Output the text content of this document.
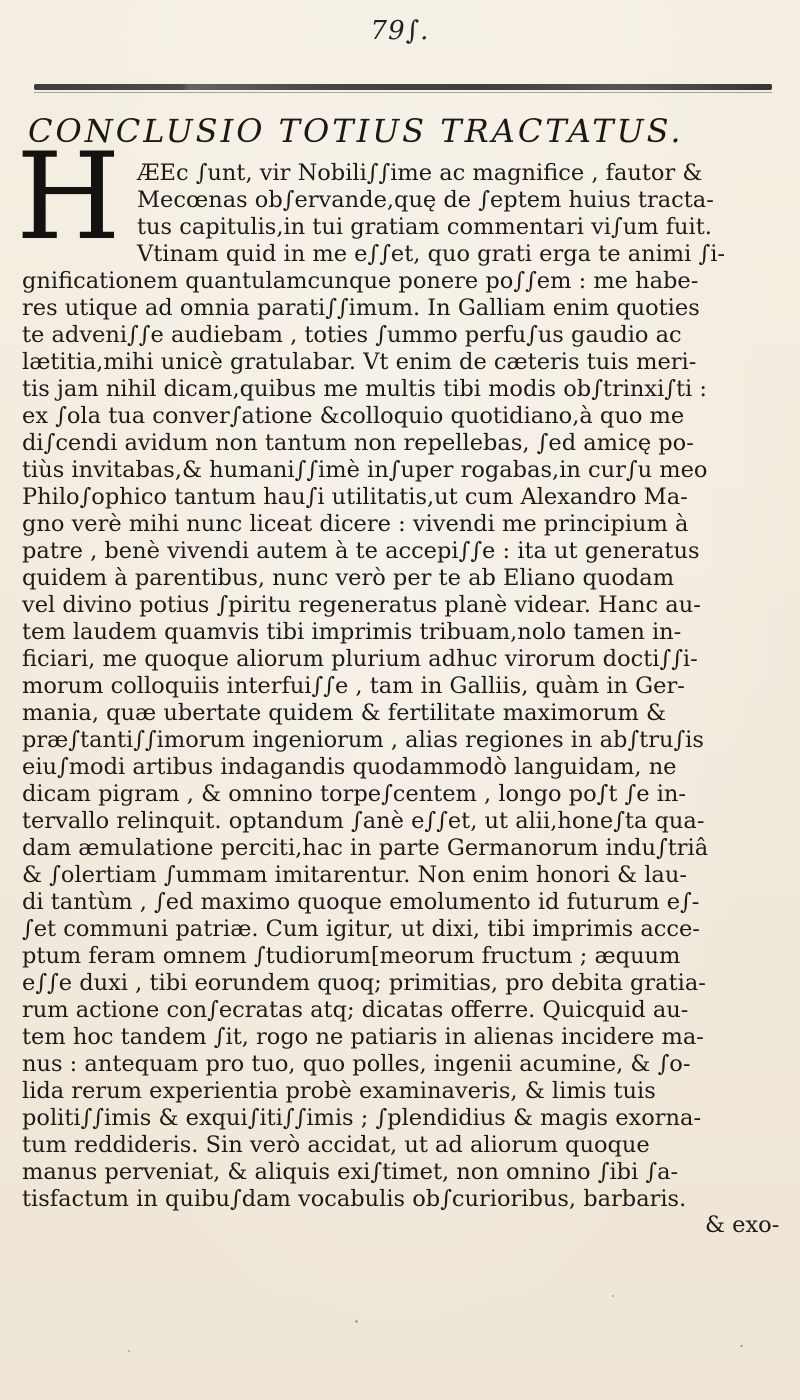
79∫.
CONCLUSIO TOTIUS TRACTATUS.
H ÆEc ∫unt, vir Nobili∫∫ime ac magnifice , fautor &
Mecœnas ob∫ervande,quę de ∫eptem huius tracta-
tus capitulis,in tui gratiam commentari vi∫um fuit.
Vtinam quid in me e∫∫et, quo grati erga te animi ∫i-
gnificationem quantulamcunque ponere po∫∫em : me habe-
res utique ad omnia parati∫∫imum. In Galliam enim quoties
te adveni∫∫e audiebam , toties ∫ummo perfu∫us gaudio ac
lætitia,mihi unicè gratulabar. Vt enim de cæteris tuis meri-
tis jam nihil dicam,quibus me multis tibi modis ob∫trinxi∫ti :
ex ∫ola tua conver∫atione &colloquio quotidiano,à quo me
di∫cendi avidum non tantum non repellebas, ∫ed amicę po-
tiùs invitabas,& humani∫∫imè in∫uper rogabas,in cur∫u meo
Philo∫ophico tantum hau∫i utilitatis,ut cum Alexandro Ma-
gno verè mihi nunc liceat dicere : vivendi me principium à
patre , benè vivendi autem à te accepi∫∫e : ita ut generatus
quidem à parentibus, nunc verò per te ab Eliano quodam
vel divino potius ∫piritu regeneratus planè videar. Hanc au-
tem laudem quamvis tibi imprimis tribuam,nolo tamen in-
ficiari, me quoque aliorum plurium adhuc virorum docti∫∫i-
morum colloquiis interfui∫∫e , tam in Galliis, quàm in Ger-
mania, quæ ubertate quidem & fertilitate maximorum &
præ∫tanti∫∫imorum ingeniorum , alias regiones in ab∫tru∫is
eiu∫modi artibus indagandis quodammodò languidam, ne
dicam pigram , & omnino torpe∫centem , longo po∫t ∫e in-
tervallo relinquit. optandum ∫anè e∫∫et, ut alii,hone∫ta qua-
dam æmulatione perciti,hac in parte Germanorum indu∫triâ
& ∫olertiam ∫ummam imitarentur. Non enim honori & lau-
di tantùm , ∫ed maximo quoque emolumento id futurum e∫-
∫et communi patriæ. Cum igitur, ut dixi, tibi imprimis acce-
ptum feram omnem ∫tudiorum[meorum fructum ; æquum
e∫∫e duxi , tibi eorundem quoq; primitias, pro debita gratia-
rum actione con∫ecratas atq; dicatas offerre. Quicquid au-
tem hoc tandem ∫it, rogo ne patiaris in alienas incidere ma-
nus : antequam pro tuo, quo polles, ingenii acumine, & ∫o-
lida rerum experientia probè examinaveris, & limis tuis
politi∫∫imis & exqui∫iti∫∫imis ; ∫plendidius & magis exorna-
tum reddideris. Sin verò accidat, ut ad aliorum quoque
manus perveniat, & aliquis exi∫timet, non omnino ∫ibi ∫a-
tisfactum in quibu∫dam vocabulis ob∫curioribus, barbaris.
& exo-
